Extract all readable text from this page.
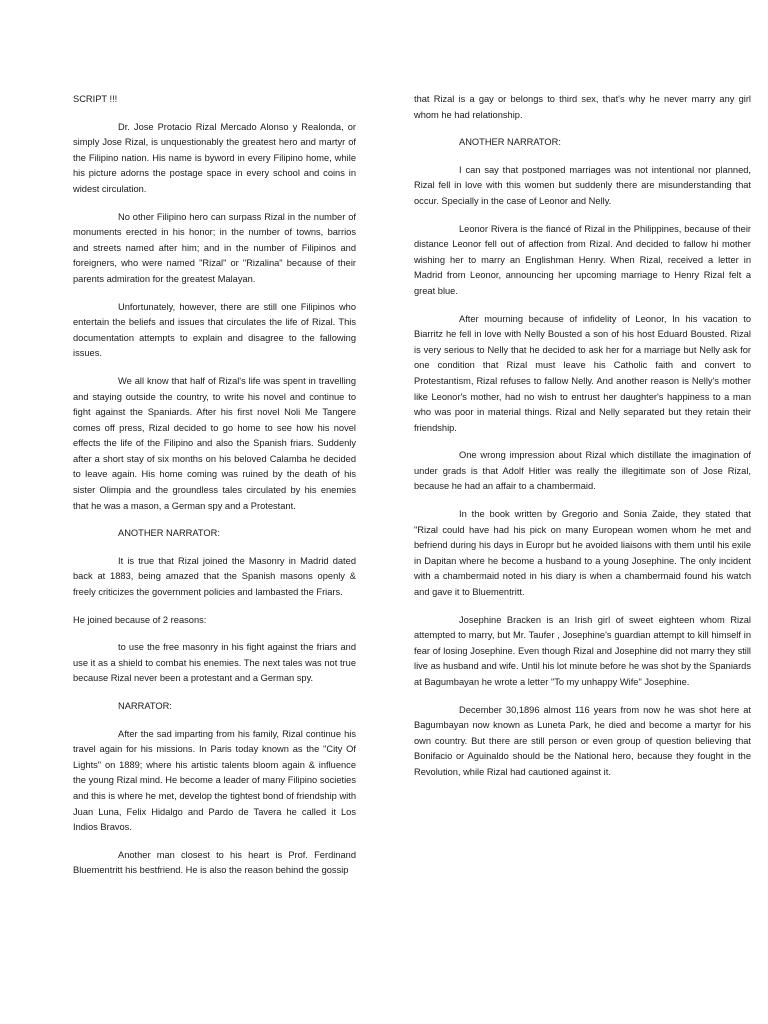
SCRIPT !!!

Dr. Jose Protacio Rizal Mercado Alonso y Realonda, or simply Jose Rizal, is unquestionably the greatest hero and martyr of the Filipino nation. His name is byword in every Filipino home, while his picture adorns the postage space in every school and coins in widest circulation.

No other Filipino hero can surpass Rizal in the number of monuments erected in his honor; in the number of towns, barrios and streets named after him; and in the number of Filipinos and foreigners, who were named "Rizal" or "Rizalina" because of their parents admiration for the greatest Malayan.

Unfortunately, however, there are still one Filipinos who entertain the beliefs and issues that circulates the life of Rizal. This documentation attempts to explain and disagree to the fallowing issues.

We all know that half of Rizal's life was spent in travelling and staying outside the country, to write his novel and continue to fight against the Spaniards. After his first novel Noli Me Tangere comes off press, Rizal decided to go home to see how his novel effects the life of the Filipino and also the Spanish friars. Suddenly after a short stay of six months on his beloved Calamba he decided to leave again. His home coming was ruined by the death of his sister Olimpia and the groundless tales circulated by his enemies that he was a mason, a German spy and a Protestant.

ANOTHER NARRATOR:

It is true that Rizal joined the Masonry in Madrid dated back at 1883, being amazed that the Spanish masons openly & freely criticizes the government policies and lambasted the Friars.

He joined because of 2 reasons:

to use the free masonry in his fight against the friars and use it as a shield to combat his enemies. The next tales was not true because Rizal never been a protestant and a German spy.

NARRATOR:

After the sad imparting from his family, Rizal continue his travel again for his missions. In Paris today known as the "City Of Lights" on 1889; where his artistic talents bloom again & influence the young Rizal mind. He become a leader of many Filipino societies and this is where he met, develop the tightest bond of friendship with Juan Luna, Felix Hidalgo and Pardo de Tavera he called it Los Indios Bravos.

Another man closest to his heart is Prof. Ferdinand Bluementritt his bestfriend. He is also the reason behind the gossip

that Rizal is a gay or belongs to third sex, that's why he never marry any girl whom he had relationship.

ANOTHER NARRATOR:

I can say that postponed marriages was not intentional nor planned, Rizal fell in love with this women but suddenly there are misunderstanding that occur. Specially in the case of Leonor and Nelly.

Leonor Rivera is the fiancé of Rizal in the Philippines, because of their distance Leonor fell out of affection from Rizal. And decided to fallow hi mother wishing her to marry an Englishman Henry. When Rizal, received a letter in Madrid from Leonor, announcing her upcoming marriage to Henry Rizal felt a great blue.

After mourning because of infidelity of Leonor, In his vacation to Biarritz he fell in love with Nelly Bousted a son of his host Eduard Bousted. Rizal is very serious to Nelly that he decided to ask her for a marriage but Nelly ask for one condition that Rizal must leave his Catholic faith and convert to Protestantism, Rizal refuses to fallow Nelly. And another reason is Nelly's mother like Leonor's mother, had no wish to entrust her daughter's happiness to a man who was poor in material things. Rizal and Nelly separated but they retain their friendship.

One wrong impression about Rizal which distillate the imagination of under grads is that Adolf Hitler was really the illegitimate son of Jose Rizal, because he had an affair to a chambermaid.

In the book written by Gregorio and Sonia Zaide, they stated that "Rizal could have had his pick on many European women whom he met and befriend during his days in Europr but he avoided liaisons with them until his exile in Dapitan where he become a husband to a young Josephine. The only incident with a chambermaid noted in his diary is when a chambermaid found his watch and gave it to Bluementritt.

Josephine Bracken is an Irish girl of sweet eighteen whom Rizal attempted to marry, but Mr. Taufer , Josephine's guardian attempt to kill himself in fear of losing Josephine. Even though Rizal and Josephine did not marry they still live as husband and wife. Until his lot minute before he was shot by the Spaniards at Bagumbayan he wrote a letter "To my unhappy Wife" Josephine.

December 30,1896 almost 116 years from now he was shot here at Bagumbayan now known as Luneta Park, he died and become a martyr for his own country. But there are still person or even group of question believing that Bonifacio or Aguinaldo should be the National hero, because they fought in the Revolution, while Rizal had cautioned against it.
